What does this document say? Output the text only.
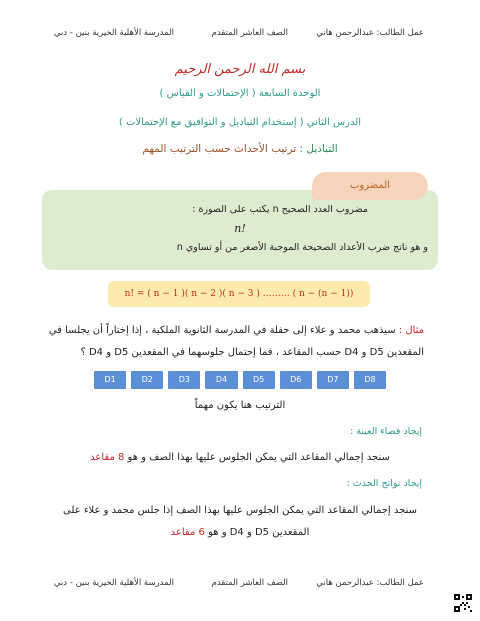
عمل الطالب: عبدالرحمن هاني
الصف العاشر المتقدم
المدرسة الأهلية الخيرية بنين - دبي
بسم الله الرحمن الرحيم
الوحدة السابعة ( الإحتمالات و القياس )
الدرس الثاني ( إستخدام التباديل و التوافيق مع الإحتمالات )
التباديل : ترتيب الأحداث حسب الترتيب المهم
المضروب
مضروب العدد الصحيح n يكتب على الصورة :
n!
و هو ناتج ضرب الأعداد الصحيحة الموجبة الأصغر من أو تساوي n
n! = ( n − 1 )( n − 2 )( n − 3 ) ……… ( n − (n − 1))
مثال : سيذهب محمد و علاء إلى حفلة في المدرسة الثانوية الملكية ، إذا إختاراً أن يجلسا في
المقعدين D5 و D4 حسب المقاعد ، فما إحتمال جلوسهما في المقعدين D5 و D4 ؟
D1	D2	D3	D4	D5	D6	D7	D8
الترتيب هنا يكون مهماً
إيجاد فضاء العينة :
سنجد إجمالي المقاعد التي يمكن الجلوس عليها بهذا الصف و هو 8 مقاعد
إيجاد نواتج الحدث :
سنجد إجمالي المقاعد التي يمكن الجلوس عليها بهذا الصف إذا جلس محمد و علاء على
المقعدين D5 و D4 و هو 6 مقاعد
عمل الطالب: عبدالرحمن هاني
الصف العاشر المتقدم
المدرسة الأهلية الخيرية بنين - دبي
